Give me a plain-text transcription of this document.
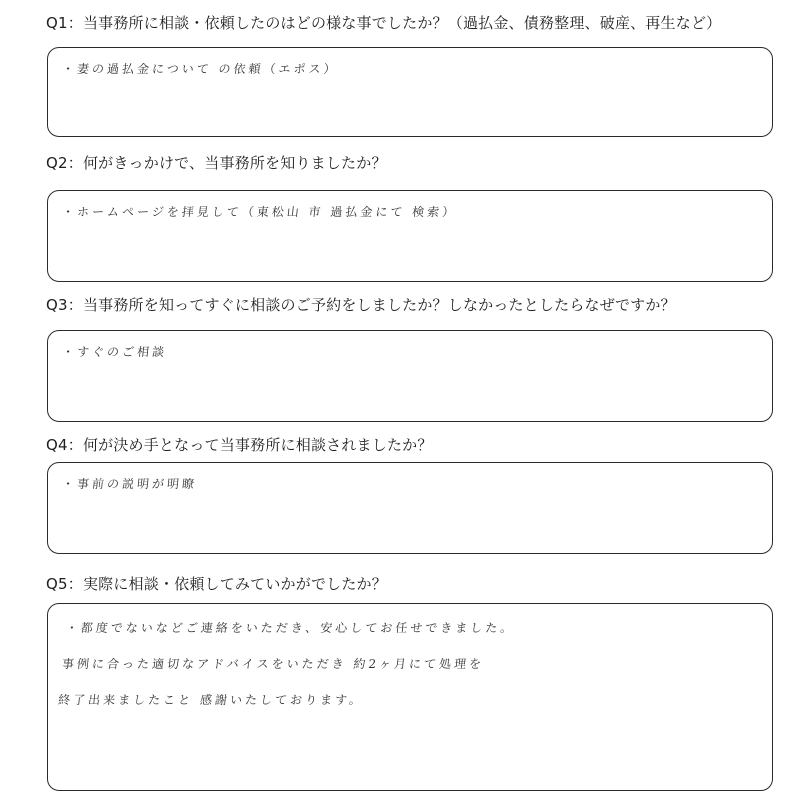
Q1：当事務所に相談・依頼したのはどの様な事でしたか？（過払金、債務整理、破産、再生など）
・妻の過払金について の依頼（エポス）
Q2：何がきっかけで、当事務所を知りましたか？
・ホームページを拝見して（東松山 市 過払金にて 検索）
Q3：当事務所を知ってすぐに相談のご予約をしましたか？しなかったとしたらなぜですか？
・すぐのご相談
Q4：何が決め手となって当事務所に相談されましたか？
・事前の説明が明瞭
Q5：実際に相談・依頼してみていかがでしたか？
・都度でないなどご連絡をいただき、安心してお任せできました。
事例に合った適切なアドバイスをいただき 約2ヶ月にて処理を
終了出来ましたこと 感謝いたしております。
